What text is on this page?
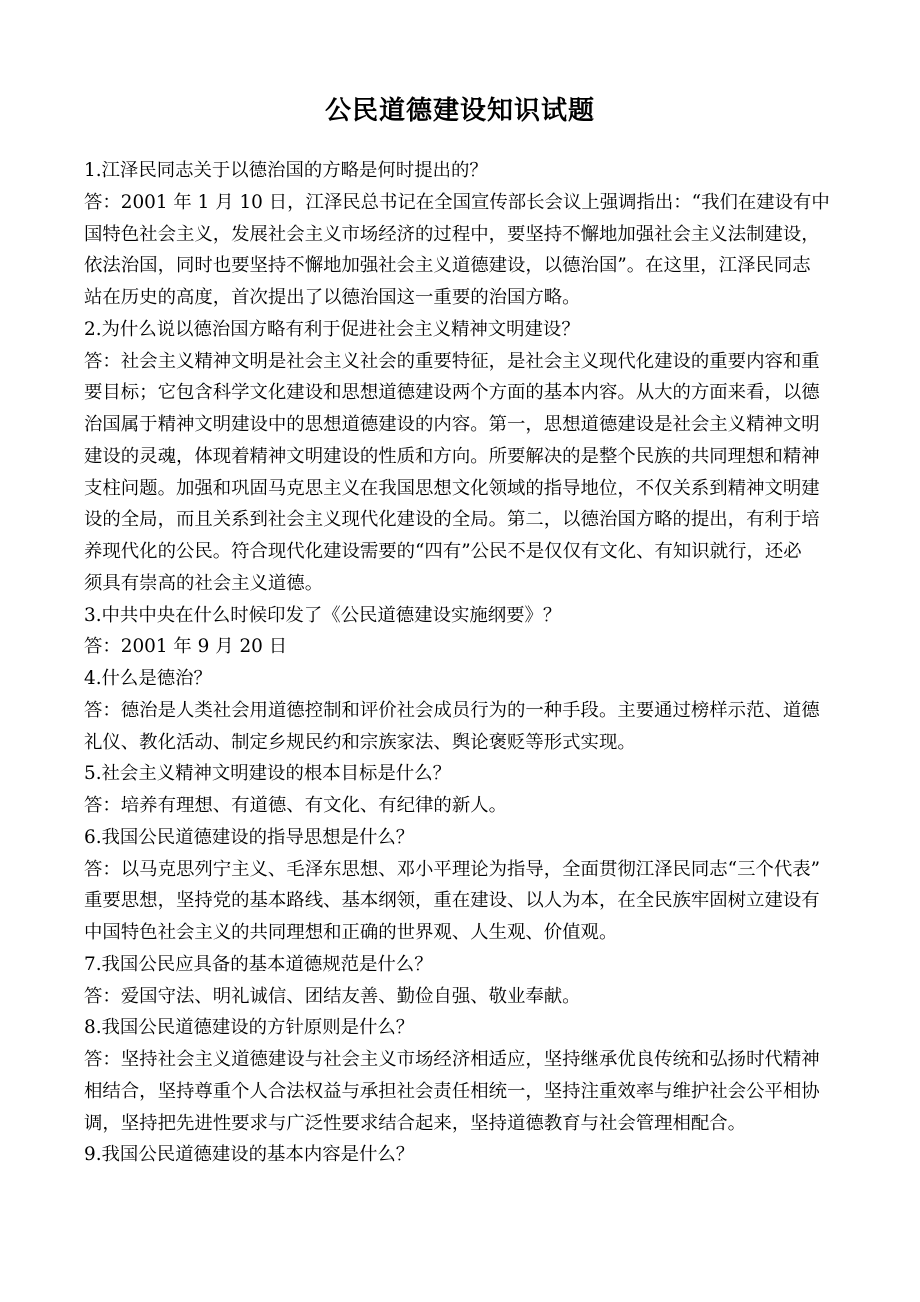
公民道德建设知识试题
1.江泽民同志关于以德治国的方略是何时提出的？
答：2001 年 1 月 10 日，江泽民总书记在全国宣传部长会议上强调指出：“我们在建设有中
国特色社会主义，发展社会主义市场经济的过程中，要坚持不懈地加强社会主义法制建设，
依法治国，同时也要坚持不懈地加强社会主义道德建设，以德治国”。在这里，江泽民同志
站在历史的高度，首次提出了以德治国这一重要的治国方略。
2.为什么说以德治国方略有利于促进社会主义精神文明建设？
答：社会主义精神文明是社会主义社会的重要特征，是社会主义现代化建设的重要内容和重
要目标；它包含科学文化建设和思想道德建设两个方面的基本内容。从大的方面来看，以德
治国属于精神文明建设中的思想道德建设的内容。第一，思想道德建设是社会主义精神文明
建设的灵魂，体现着精神文明建设的性质和方向。所要解决的是整个民族的共同理想和精神
支柱问题。加强和巩固马克思主义在我国思想文化领域的指导地位，不仅关系到精神文明建
设的全局，而且关系到社会主义现代化建设的全局。第二，以德治国方略的提出，有利于培
养现代化的公民。符合现代化建设需要的“四有”公民不是仅仅有文化、有知识就行，还必
须具有崇高的社会主义道德。
3.中共中央在什么时候印发了《公民道德建设实施纲要》？
答：2001 年 9 月 20 日
4.什么是德治？
答：德治是人类社会用道德控制和评价社会成员行为的一种手段。主要通过榜样示范、道德
礼仪、教化活动、制定乡规民约和宗族家法、舆论褒贬等形式实现。
5.社会主义精神文明建设的根本目标是什么？
答：培养有理想、有道德、有文化、有纪律的新人。
6.我国公民道德建设的指导思想是什么？
答：以马克思列宁主义、毛泽东思想、邓小平理论为指导，全面贯彻江泽民同志“三个代表”
重要思想，坚持党的基本路线、基本纲领，重在建设、以人为本，在全民族牢固树立建设有
中国特色社会主义的共同理想和正确的世界观、人生观、价值观。
7.我国公民应具备的基本道德规范是什么？
答：爱国守法、明礼诚信、团结友善、勤俭自强、敬业奉献。
8.我国公民道德建设的方针原则是什么？
答：坚持社会主义道德建设与社会主义市场经济相适应，坚持继承优良传统和弘扬时代精神
相结合，坚持尊重个人合法权益与承担社会责任相统一，坚持注重效率与维护社会公平相协
调，坚持把先进性要求与广泛性要求结合起来，坚持道德教育与社会管理相配合。
9.我国公民道德建设的基本内容是什么？
